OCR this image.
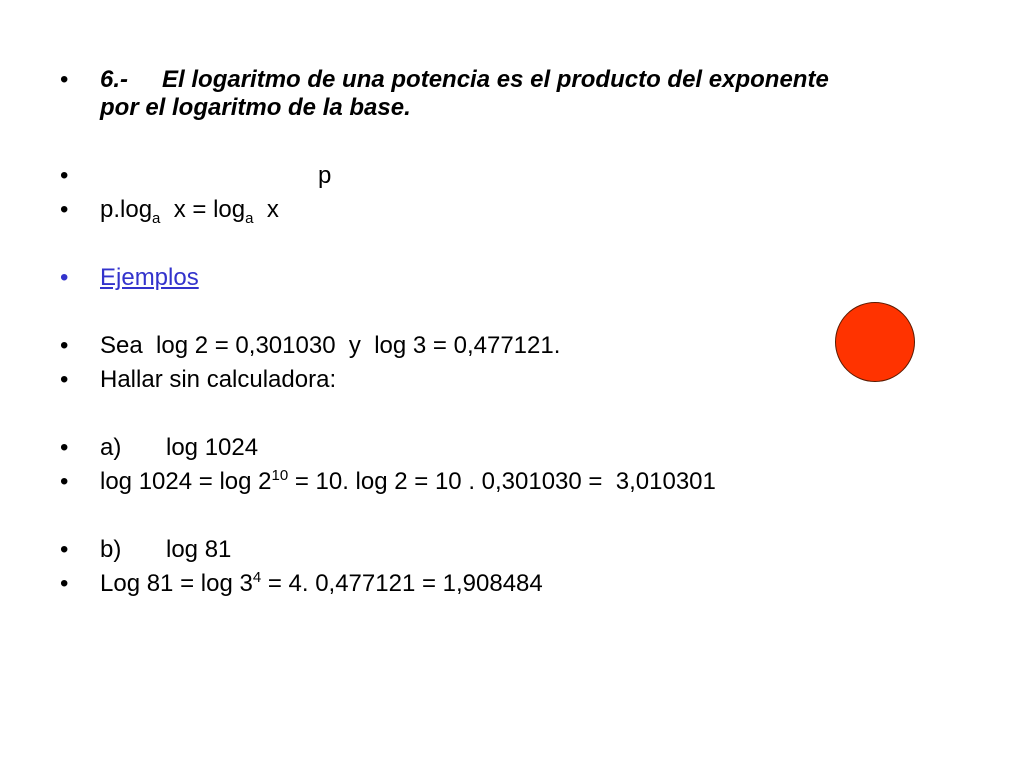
• 6.- El logaritmo de una potencia es el producto del exponente
por el logaritmo de la base.
•	p
• $p.\log_a$ $x = \log_a x$
• Ejemplos
• Sea  log 2 = 0,301030  y  log 3 = 0,477121.
• Hallar sin calculadora:
• a) log 1024
• $\log 1024 = \log 2^{10} = 10$. log 2 = 10 . 0,301030 =  3,010301
• b) log 81
• Log $81 = \log 3^4 = 4$. 0,477121 = 1,908484
